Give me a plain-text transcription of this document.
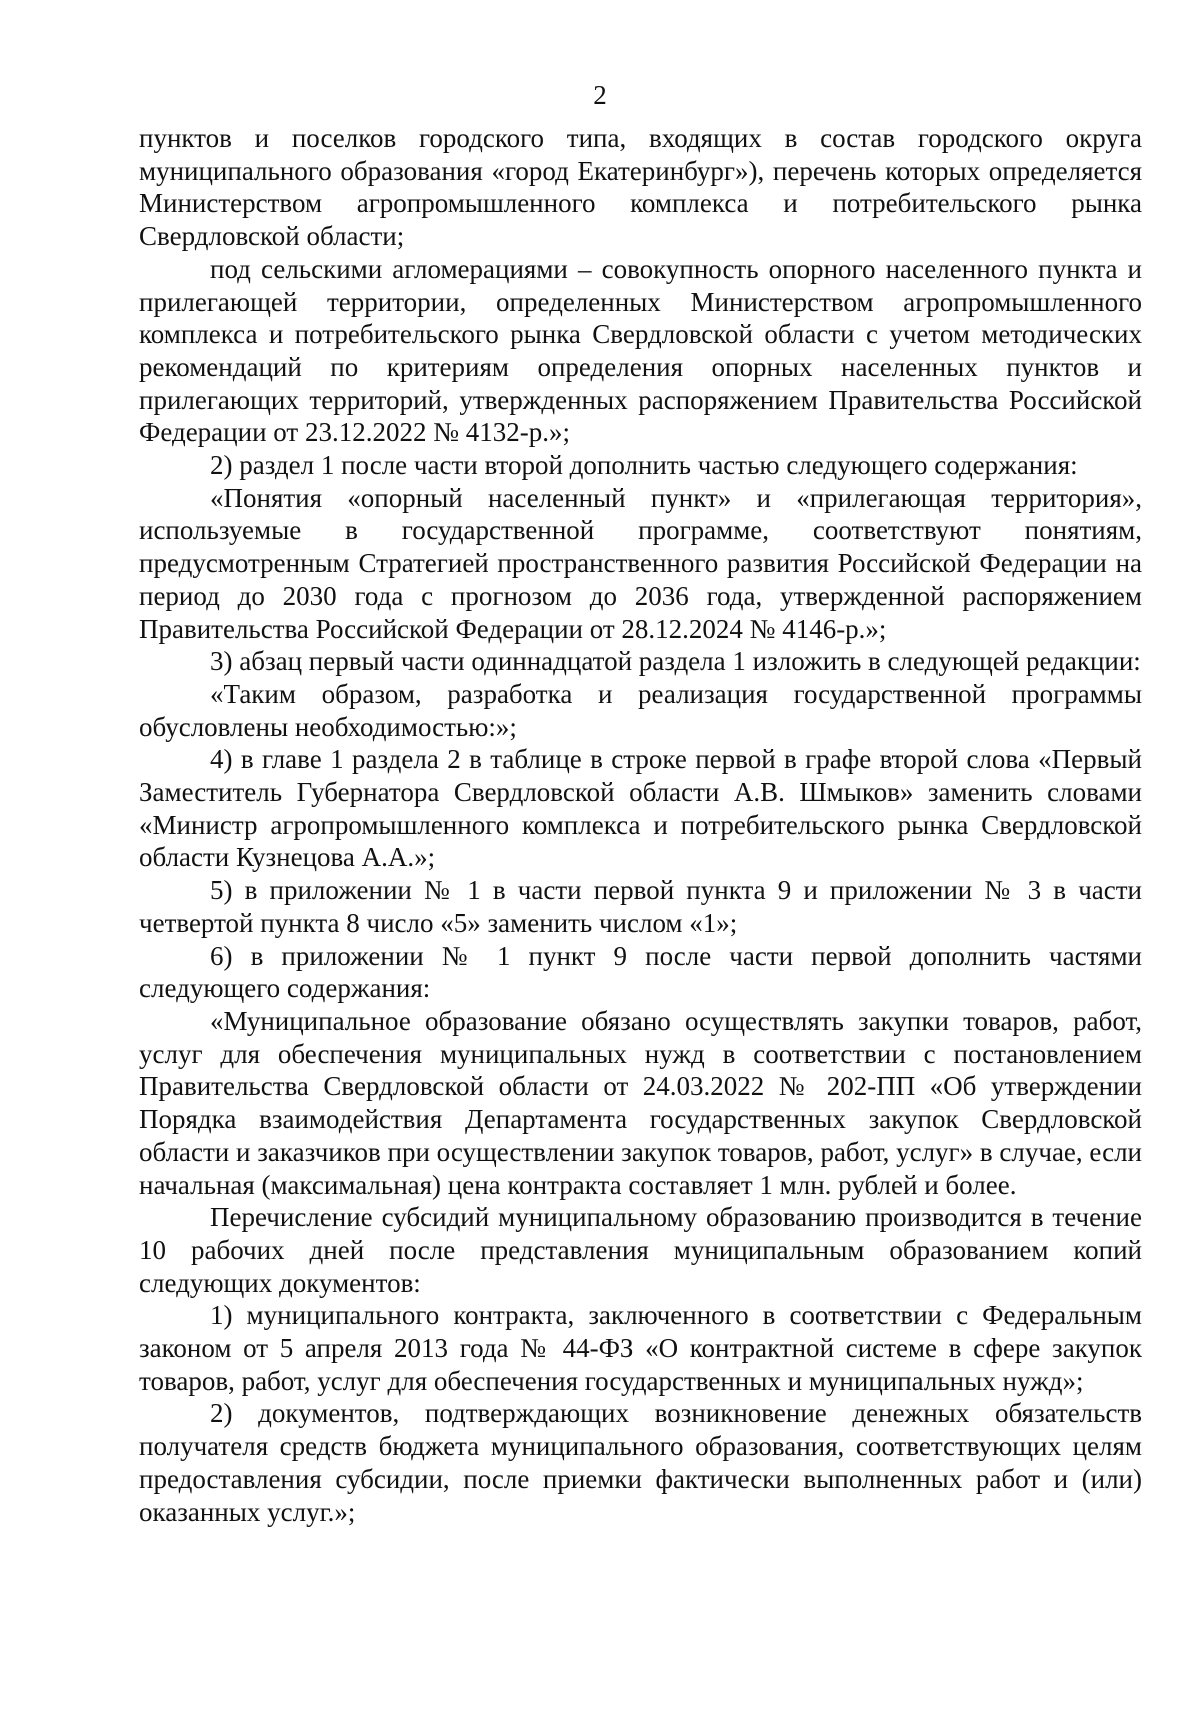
2

пунктов и поселков городского типа, входящих в состав городского округа муниципального образования «город Екатеринбург»), перечень которых определяется Министерством агропромышленного комплекса и потребительского рынка Свердловской области;

под сельскими агломерациями – совокупность опорного населенного пункта и прилегающей территории, определенных Министерством агропромышленного комплекса и потребительского рынка Свердловской области с учетом методических рекомендаций по критериям определения опорных населенных пунктов и прилегающих территорий, утвержденных распоряжением Правительства Российской Федерации от 23.12.2022 № 4132-р.»;

2) раздел 1 после части второй дополнить частью следующего содержания:

«Понятия «опорный населенный пункт» и «прилегающая территория», используемые в государственной программе, соответствуют понятиям, предусмотренным Стратегией пространственного развития Российской Федерации на период до 2030 года с прогнозом до 2036 года, утвержденной распоряжением Правительства Российской Федерации от 28.12.2024 № 4146-р.»;

3) абзац первый части одиннадцатой раздела 1 изложить в следующей редакции:

«Таким образом, разработка и реализация государственной программы обусловлены необходимостью:»;

4) в главе 1 раздела 2 в таблице в строке первой в графе второй слова «Первый Заместитель Губернатора Свердловской области А.В. Шмыков» заменить словами «Министр агропромышленного комплекса и потребительского рынка Свердловской области Кузнецова А.А.»;

5) в приложении № 1 в части первой пункта 9 и приложении № 3 в части четвертой пункта 8 число «5» заменить числом «1»;

6) в приложении № 1 пункт 9 после части первой дополнить частями следующего содержания:

«Муниципальное образование обязано осуществлять закупки товаров, работ, услуг для обеспечения муниципальных нужд в соответствии с постановлением Правительства Свердловской области от 24.03.2022 № 202-ПП «Об утверждении Порядка взаимодействия Департамента государственных закупок Свердловской области и заказчиков при осуществлении закупок товаров, работ, услуг» в случае, если начальная (максимальная) цена контракта составляет 1 млн. рублей и более.

Перечисление субсидий муниципальному образованию производится в течение 10 рабочих дней после представления муниципальным образованием копий следующих документов:

1) муниципального контракта, заключенного в соответствии с Федеральным законом от 5 апреля 2013 года № 44-ФЗ «О контрактной системе в сфере закупок товаров, работ, услуг для обеспечения государственных и муниципальных нужд»;

2) документов, подтверждающих возникновение денежных обязательств получателя средств бюджета муниципального образования, соответствующих целям предоставления субсидии, после приемки фактически выполненных работ и (или) оказанных услуг.»;
